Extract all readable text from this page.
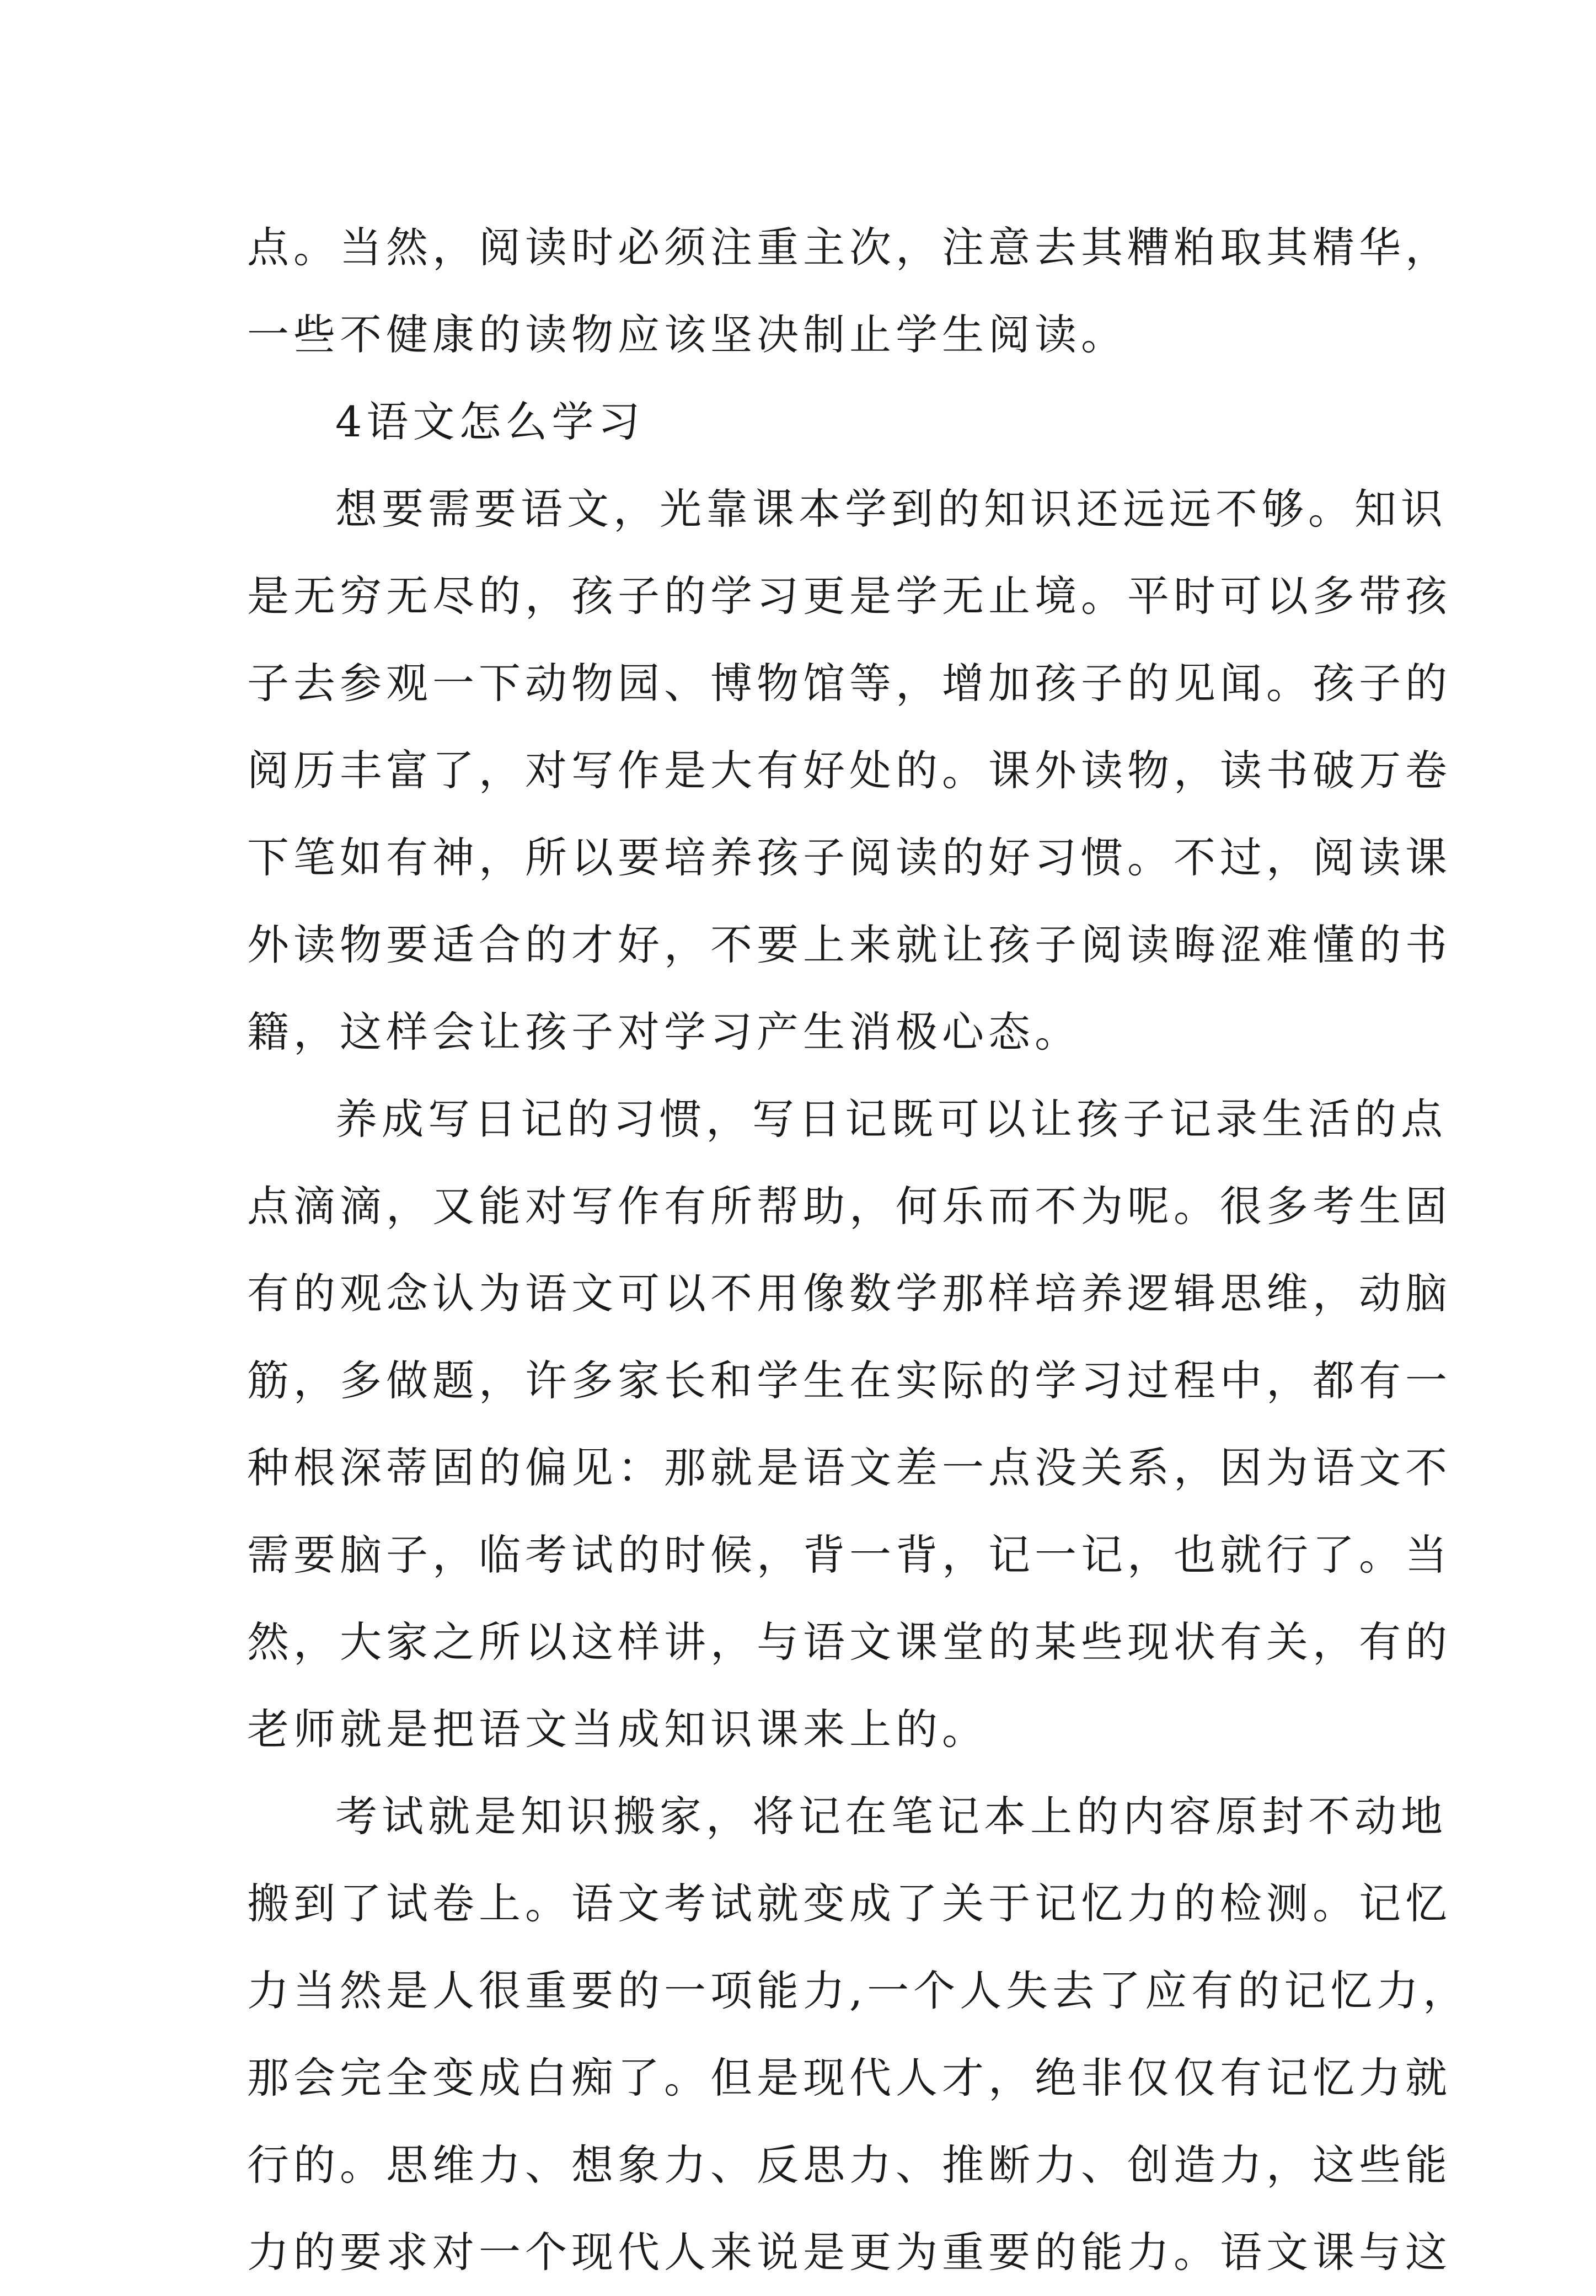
点。当然，阅读时必须注重主次，注意去其糟粕取其精华，
一些不健康的读物应该坚决制止学生阅读。
4语文怎么学习
想要需要语文，光靠课本学到的知识还远远不够。知识
是无穷无尽的，孩子的学习更是学无止境。平时可以多带孩
子去参观一下动物园、博物馆等，增加孩子的见闻。孩子的
阅历丰富了，对写作是大有好处的。课外读物，读书破万卷
下笔如有神，所以要培养孩子阅读的好习惯。不过，阅读课
外读物要适合的才好，不要上来就让孩子阅读晦涩难懂的书
籍，这样会让孩子对学习产生消极心态。
养成写日记的习惯，写日记既可以让孩子记录生活的点
点滴滴，又能对写作有所帮助，何乐而不为呢。很多考生固
有的观念认为语文可以不用像数学那样培养逻辑思维，动脑
筋，多做题，许多家长和学生在实际的学习过程中，都有一
种根深蒂固的偏见：那就是语文差一点没关系，因为语文不
需要脑子，临考试的时候，背一背，记一记，也就行了。当
然，大家之所以这样讲，与语文课堂的某些现状有关，有的
老师就是把语文当成知识课来上的。
考试就是知识搬家，将记在笔记本上的内容原封不动地
搬到了试卷上。语文考试就变成了关于记忆力的检测。记忆
力当然是人很重要的一项能力,一个人失去了应有的记忆力，
那会完全变成白痴了。但是现代人才，绝非仅仅有记忆力就
行的。思维力、想象力、反思力、推断力、创造力，这些能
力的要求对一个现代人来说是更为重要的能力。语文课与这
